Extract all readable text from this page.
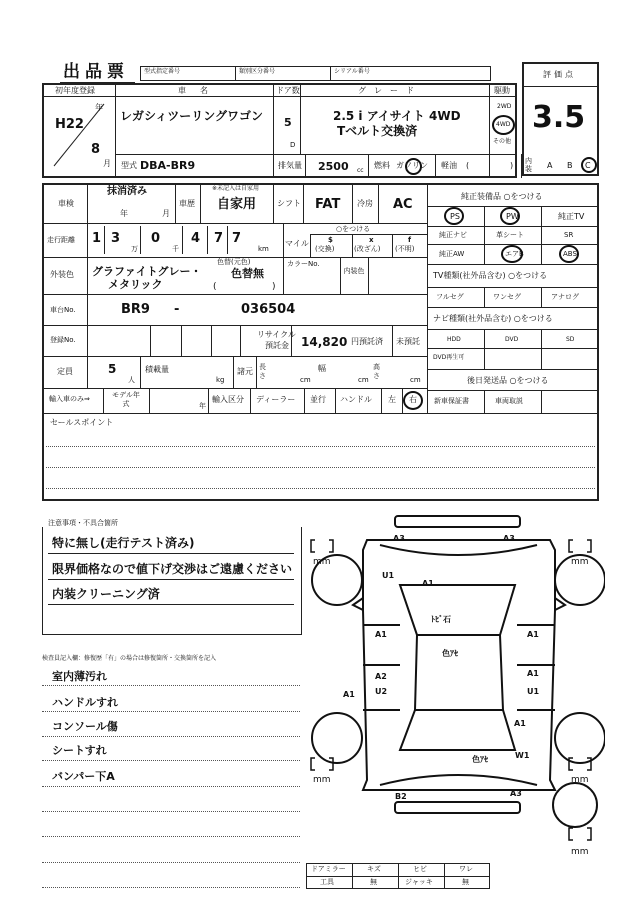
出品票	型式指定番号	類別区分番号	シリアル番号	評価点
3.5
初年度登録
年
H22
8
月
車名
レガシィツーリングワゴン
ドア数
5
D
グレード
2.5 i アイサイト 4WD
Tベルト交換済
駆動
2WD
4WD
その他
型式 DBA-BR9	排気量 2500 cc
燃料 ガソリン 軽油 (	) 内装 A B C
車検
抹消済み
年	月
車歴
※未記入は自家用
自家用	シフト FAT 冷房 AC
走行距離 1 3
万
0
千
4 7 7
km
○をつける
マイル	$
(交換)
x
(改ざん)
f
(不明)
外装色 グラファイトグレー・
メタリック
色替(元色)
色替無
(	)
カラーNo.
内装色
車台No.	BR9 -	036504
登録No.
リサイクル
預託金 14,820 円預託済 未預託
定員	5
人
積載量
kg
諸元 長さ	cm
幅
cm
高さ	cm
輸入車のみ⇒	モデル年式	年
輸入区分 ディーラー 並行 ハンドル 左 右
純正装備品 ○をつける
PS	PW	純正TV
純正ナビ	革シート	SR
純正AW	エアB	ABS
TV種類(社外品含む) ○をつける
フルセグ	ワンセグ	アナログ
ナビ種類(社外品含む) ○をつける
HDD	DVD	SD
DVD再生可
後日発送品 ○をつける
新車保証書	車両取説
セールスポイント
注意事項・不具合箇所
特に無し(走行テスト済み)
限界価格なので値下げ交渉はご遠慮ください
内装クリーニング済
検査員記入欄：修復歴「有」の場合は修復箇所・交換箇所を記入
室内薄汚れ
ハンドルすれ
コンソール傷
シートすれ
バンパー下A
mm	mm
mm	mm
mm
A3	A3
U1
A1
ﾄﾋﾞ石
A1	A1
色ｱｾ
A2	A1
A1	U2	U1
A1
W1
色ｱｾ
B2	A3
ドアミラー	キズ	ヒビ	ワレ
工具	無	ジャッキ	無
